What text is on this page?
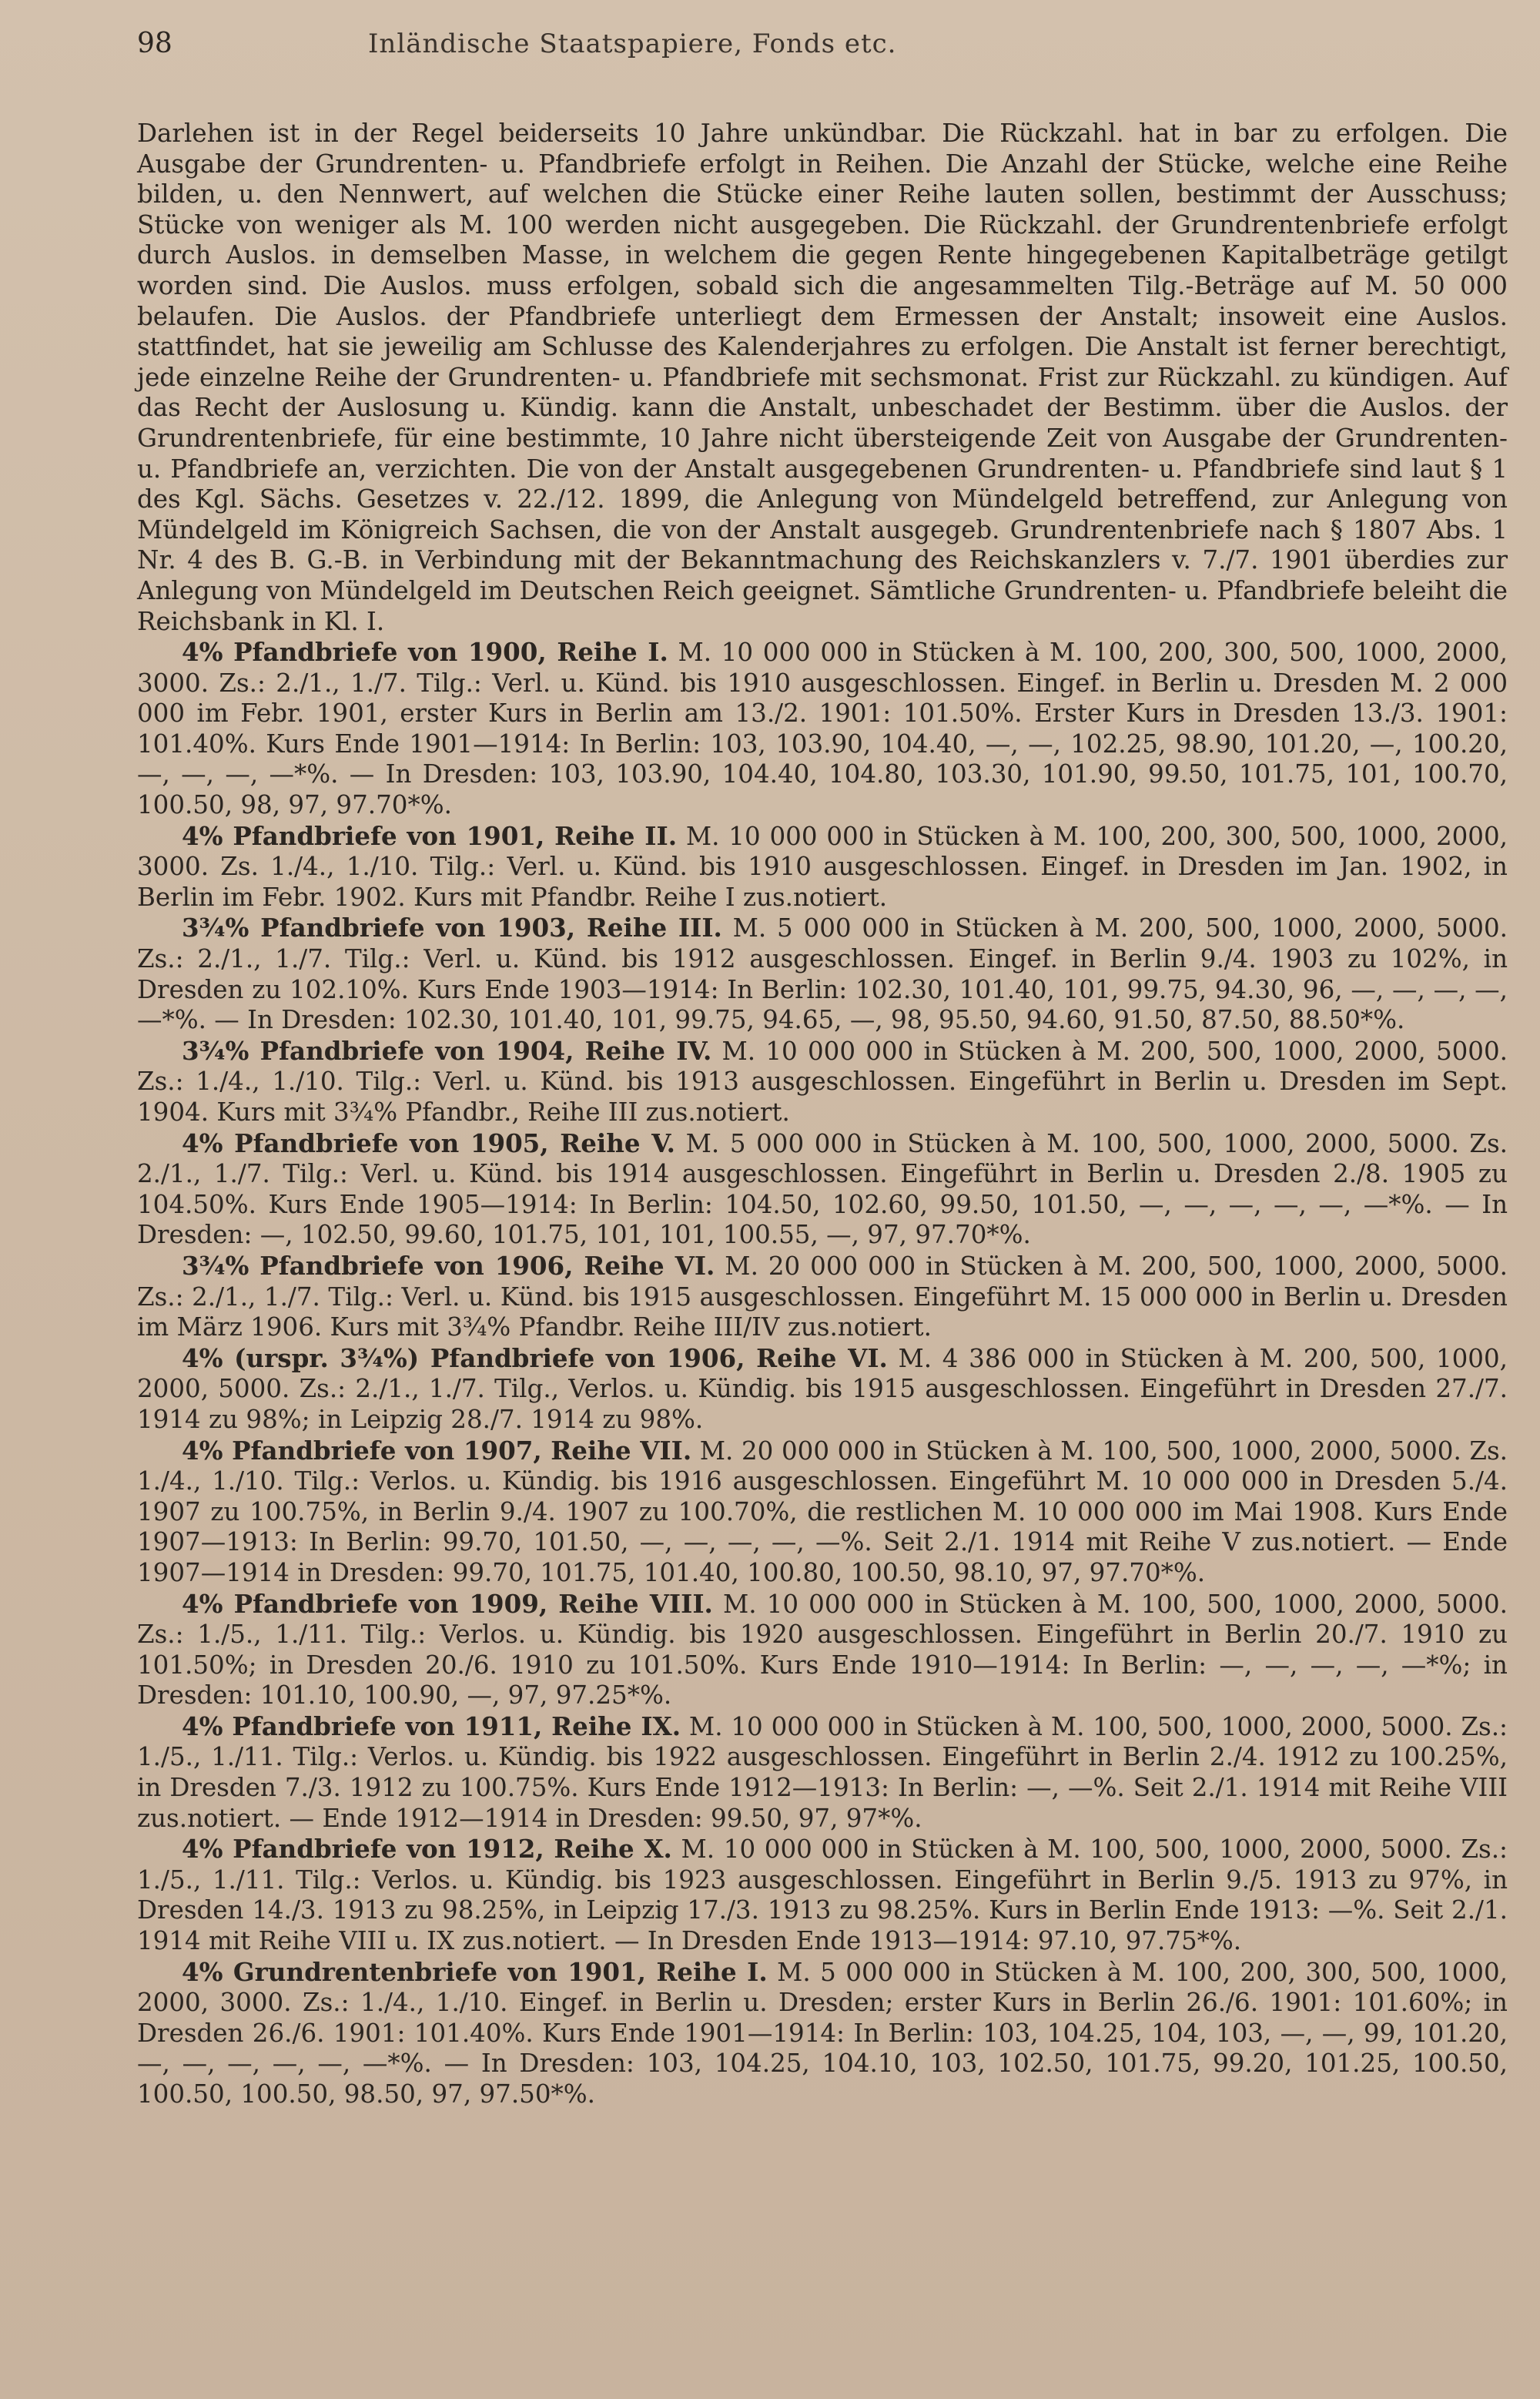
98	Inländische Staatspapiere, Fonds etc.

Darlehen ist in der Regel beiderseits 10 Jahre unkündbar. Die Rückzahl. hat in bar zu erfolgen. Die Ausgabe der Grundrenten- u. Pfandbriefe erfolgt in Reihen. Die Anzahl der Stücke, welche eine Reihe bilden, u. den Nennwert, auf welchen die Stücke einer Reihe lauten sollen, bestimmt der Ausschuss; Stücke von weniger als M. 100 werden nicht ausgegeben. Die Rückzahl. der Grundrentenbriefe erfolgt durch Auslos. in demselben Masse, in welchem die gegen Rente hingegebenen Kapitalbeträge getilgt worden sind. Die Auslos. muss erfolgen, sobald sich die angesammelten Tilg.-Beträge auf M. 50 000 belaufen. Die Auslos. der Pfandbriefe unterliegt dem Ermessen der Anstalt; insoweit eine Auslos. stattfindet, hat sie jeweilig am Schlusse des Kalenderjahres zu erfolgen. Die Anstalt ist ferner berechtigt, jede einzelne Reihe der Grundrenten- u. Pfandbriefe mit sechsmonat. Frist zur Rückzahl. zu kündigen. Auf das Recht der Auslosung u. Kündig. kann die Anstalt, unbeschadet der Bestimm. über die Auslos. der Grundrentenbriefe, für eine bestimmte, 10 Jahre nicht übersteigende Zeit von Ausgabe der Grundrenten- u. Pfandbriefe an, verzichten. Die von der Anstalt ausgegebenen Grundrenten- u. Pfandbriefe sind laut § 1 des Kgl. Sächs. Gesetzes v. 22./12. 1899, die Anlegung von Mündelgeld betreffend, zur Anlegung von Mündelgeld im Königreich Sachsen, die von der Anstalt ausgegeb. Grundrentenbriefe nach § 1807 Abs. 1 Nr. 4 des B. G.-B. in Verbindung mit der Bekanntmachung des Reichskanzlers v. 7./7. 1901 überdies zur Anlegung von Mündelgeld im Deutschen Reich geeignet. Sämtliche Grundrenten- u. Pfandbriefe beleiht die Reichsbank in Kl. I.

4% Pfandbriefe von 1900, Reihe I. M. 10 000 000 in Stücken à M. 100, 200, 300, 500, 1000, 2000, 3000. Zs.: 2./1., 1./7. Tilg.: Verl. u. Künd. bis 1910 ausgeschlossen. Eingef. in Berlin u. Dresden M. 2 000 000 im Febr. 1901, erster Kurs in Berlin am 13./2. 1901: 101.50%. Erster Kurs in Dresden 13./3. 1901: 101.40%. Kurs Ende 1901—1914: In Berlin: 103, 103.90, 104.40, —, —, 102.25, 98.90, 101.20, —, 100.20, —, —, —, —*%. — In Dresden: 103, 103.90, 104.40, 104.80, 103.30, 101.90, 99.50, 101.75, 101, 100.70, 100.50, 98, 97, 97.70*%.

4% Pfandbriefe von 1901, Reihe II. M. 10 000 000 in Stücken à M. 100, 200, 300, 500, 1000, 2000, 3000. Zs. 1./4., 1./10. Tilg.: Verl. u. Künd. bis 1910 ausgeschlossen. Eingef. in Dresden im Jan. 1902, in Berlin im Febr. 1902. Kurs mit Pfandbr. Reihe I zus.notiert.

3¾% Pfandbriefe von 1903, Reihe III. M. 5 000 000 in Stücken à M. 200, 500, 1000, 2000, 5000. Zs.: 2./1., 1./7. Tilg.: Verl. u. Künd. bis 1912 ausgeschlossen. Eingef. in Berlin 9./4. 1903 zu 102%, in Dresden zu 102.10%. Kurs Ende 1903—1914: In Berlin: 102.30, 101.40, 101, 99.75, 94.30, 96, —, —, —, —, —*%. — In Dresden: 102.30, 101.40, 101, 99.75, 94.65, —, 98, 95.50, 94.60, 91.50, 87.50, 88.50*%.

3¾% Pfandbriefe von 1904, Reihe IV. M. 10 000 000 in Stücken à M. 200, 500, 1000, 2000, 5000. Zs.: 1./4., 1./10. Tilg.: Verl. u. Künd. bis 1913 ausgeschlossen. Eingeführt in Berlin u. Dresden im Sept. 1904. Kurs mit 3¾% Pfandbr., Reihe III zus.notiert.

4% Pfandbriefe von 1905, Reihe V. M. 5 000 000 in Stücken à M. 100, 500, 1000, 2000, 5000. Zs. 2./1., 1./7. Tilg.: Verl. u. Künd. bis 1914 ausgeschlossen. Eingeführt in Berlin u. Dresden 2./8. 1905 zu 104.50%. Kurs Ende 1905—1914: In Berlin: 104.50, 102.60, 99.50, 101.50, —, —, —, —, —, —*%. — In Dresden: —, 102.50, 99.60, 101.75, 101, 101, 100.55, —, 97, 97.70*%.

3¾% Pfandbriefe von 1906, Reihe VI. M. 20 000 000 in Stücken à M. 200, 500, 1000, 2000, 5000. Zs.: 2./1., 1./7. Tilg.: Verl. u. Künd. bis 1915 ausgeschlossen. Eingeführt M. 15 000 000 in Berlin u. Dresden im März 1906. Kurs mit 3¾% Pfandbr. Reihe III/IV zus.notiert.

4% (urspr. 3¾%) Pfandbriefe von 1906, Reihe VI. M. 4 386 000 in Stücken à M. 200, 500, 1000, 2000, 5000. Zs.: 2./1., 1./7. Tilg., Verlos. u. Kündig. bis 1915 ausgeschlossen. Eingeführt in Dresden 27./7. 1914 zu 98%; in Leipzig 28./7. 1914 zu 98%.

4% Pfandbriefe von 1907, Reihe VII. M. 20 000 000 in Stücken à M. 100, 500, 1000, 2000, 5000. Zs. 1./4., 1./10. Tilg.: Verlos. u. Kündig. bis 1916 ausgeschlossen. Eingeführt M. 10 000 000 in Dresden 5./4. 1907 zu 100.75%, in Berlin 9./4. 1907 zu 100.70%, die restlichen M. 10 000 000 im Mai 1908. Kurs Ende 1907—1913: In Berlin: 99.70, 101.50, —, —, —, —, —%. Seit 2./1. 1914 mit Reihe V zus.notiert. — Ende 1907—1914 in Dresden: 99.70, 101.75, 101.40, 100.80, 100.50, 98.10, 97, 97.70*%.

4% Pfandbriefe von 1909, Reihe VIII. M. 10 000 000 in Stücken à M. 100, 500, 1000, 2000, 5000. Zs.: 1./5., 1./11. Tilg.: Verlos. u. Kündig. bis 1920 ausgeschlossen. Eingeführt in Berlin 20./7. 1910 zu 101.50%; in Dresden 20./6. 1910 zu 101.50%. Kurs Ende 1910—1914: In Berlin: —, —, —, —, —*%; in Dresden: 101.10, 100.90, —, 97, 97.25*%.

4% Pfandbriefe von 1911, Reihe IX. M. 10 000 000 in Stücken à M. 100, 500, 1000, 2000, 5000. Zs.: 1./5., 1./11. Tilg.: Verlos. u. Kündig. bis 1922 ausgeschlossen. Eingeführt in Berlin 2./4. 1912 zu 100.25%, in Dresden 7./3. 1912 zu 100.75%. Kurs Ende 1912—1913: In Berlin: —, —%. Seit 2./1. 1914 mit Reihe VIII zus.notiert. — Ende 1912—1914 in Dresden: 99.50, 97, 97*%.

4% Pfandbriefe von 1912, Reihe X. M. 10 000 000 in Stücken à M. 100, 500, 1000, 2000, 5000. Zs.: 1./5., 1./11. Tilg.: Verlos. u. Kündig. bis 1923 ausgeschlossen. Eingeführt in Berlin 9./5. 1913 zu 97%, in Dresden 14./3. 1913 zu 98.25%, in Leipzig 17./3. 1913 zu 98.25%. Kurs in Berlin Ende 1913: —%. Seit 2./1. 1914 mit Reihe VIII u. IX zus.notiert. — In Dresden Ende 1913—1914: 97.10, 97.75*%.

4% Grundrentenbriefe von 1901, Reihe I. M. 5 000 000 in Stücken à M. 100, 200, 300, 500, 1000, 2000, 3000. Zs.: 1./4., 1./10. Eingef. in Berlin u. Dresden; erster Kurs in Berlin 26./6. 1901: 101.60%; in Dresden 26./6. 1901: 101.40%. Kurs Ende 1901—1914: In Berlin: 103, 104.25, 104, 103, —, —, 99, 101.20, —, —, —, —, —, —*%. — In Dresden: 103, 104.25, 104.10, 103, 102.50, 101.75, 99.20, 101.25, 100.50, 100.50, 100.50, 98.50, 97, 97.50*%.
